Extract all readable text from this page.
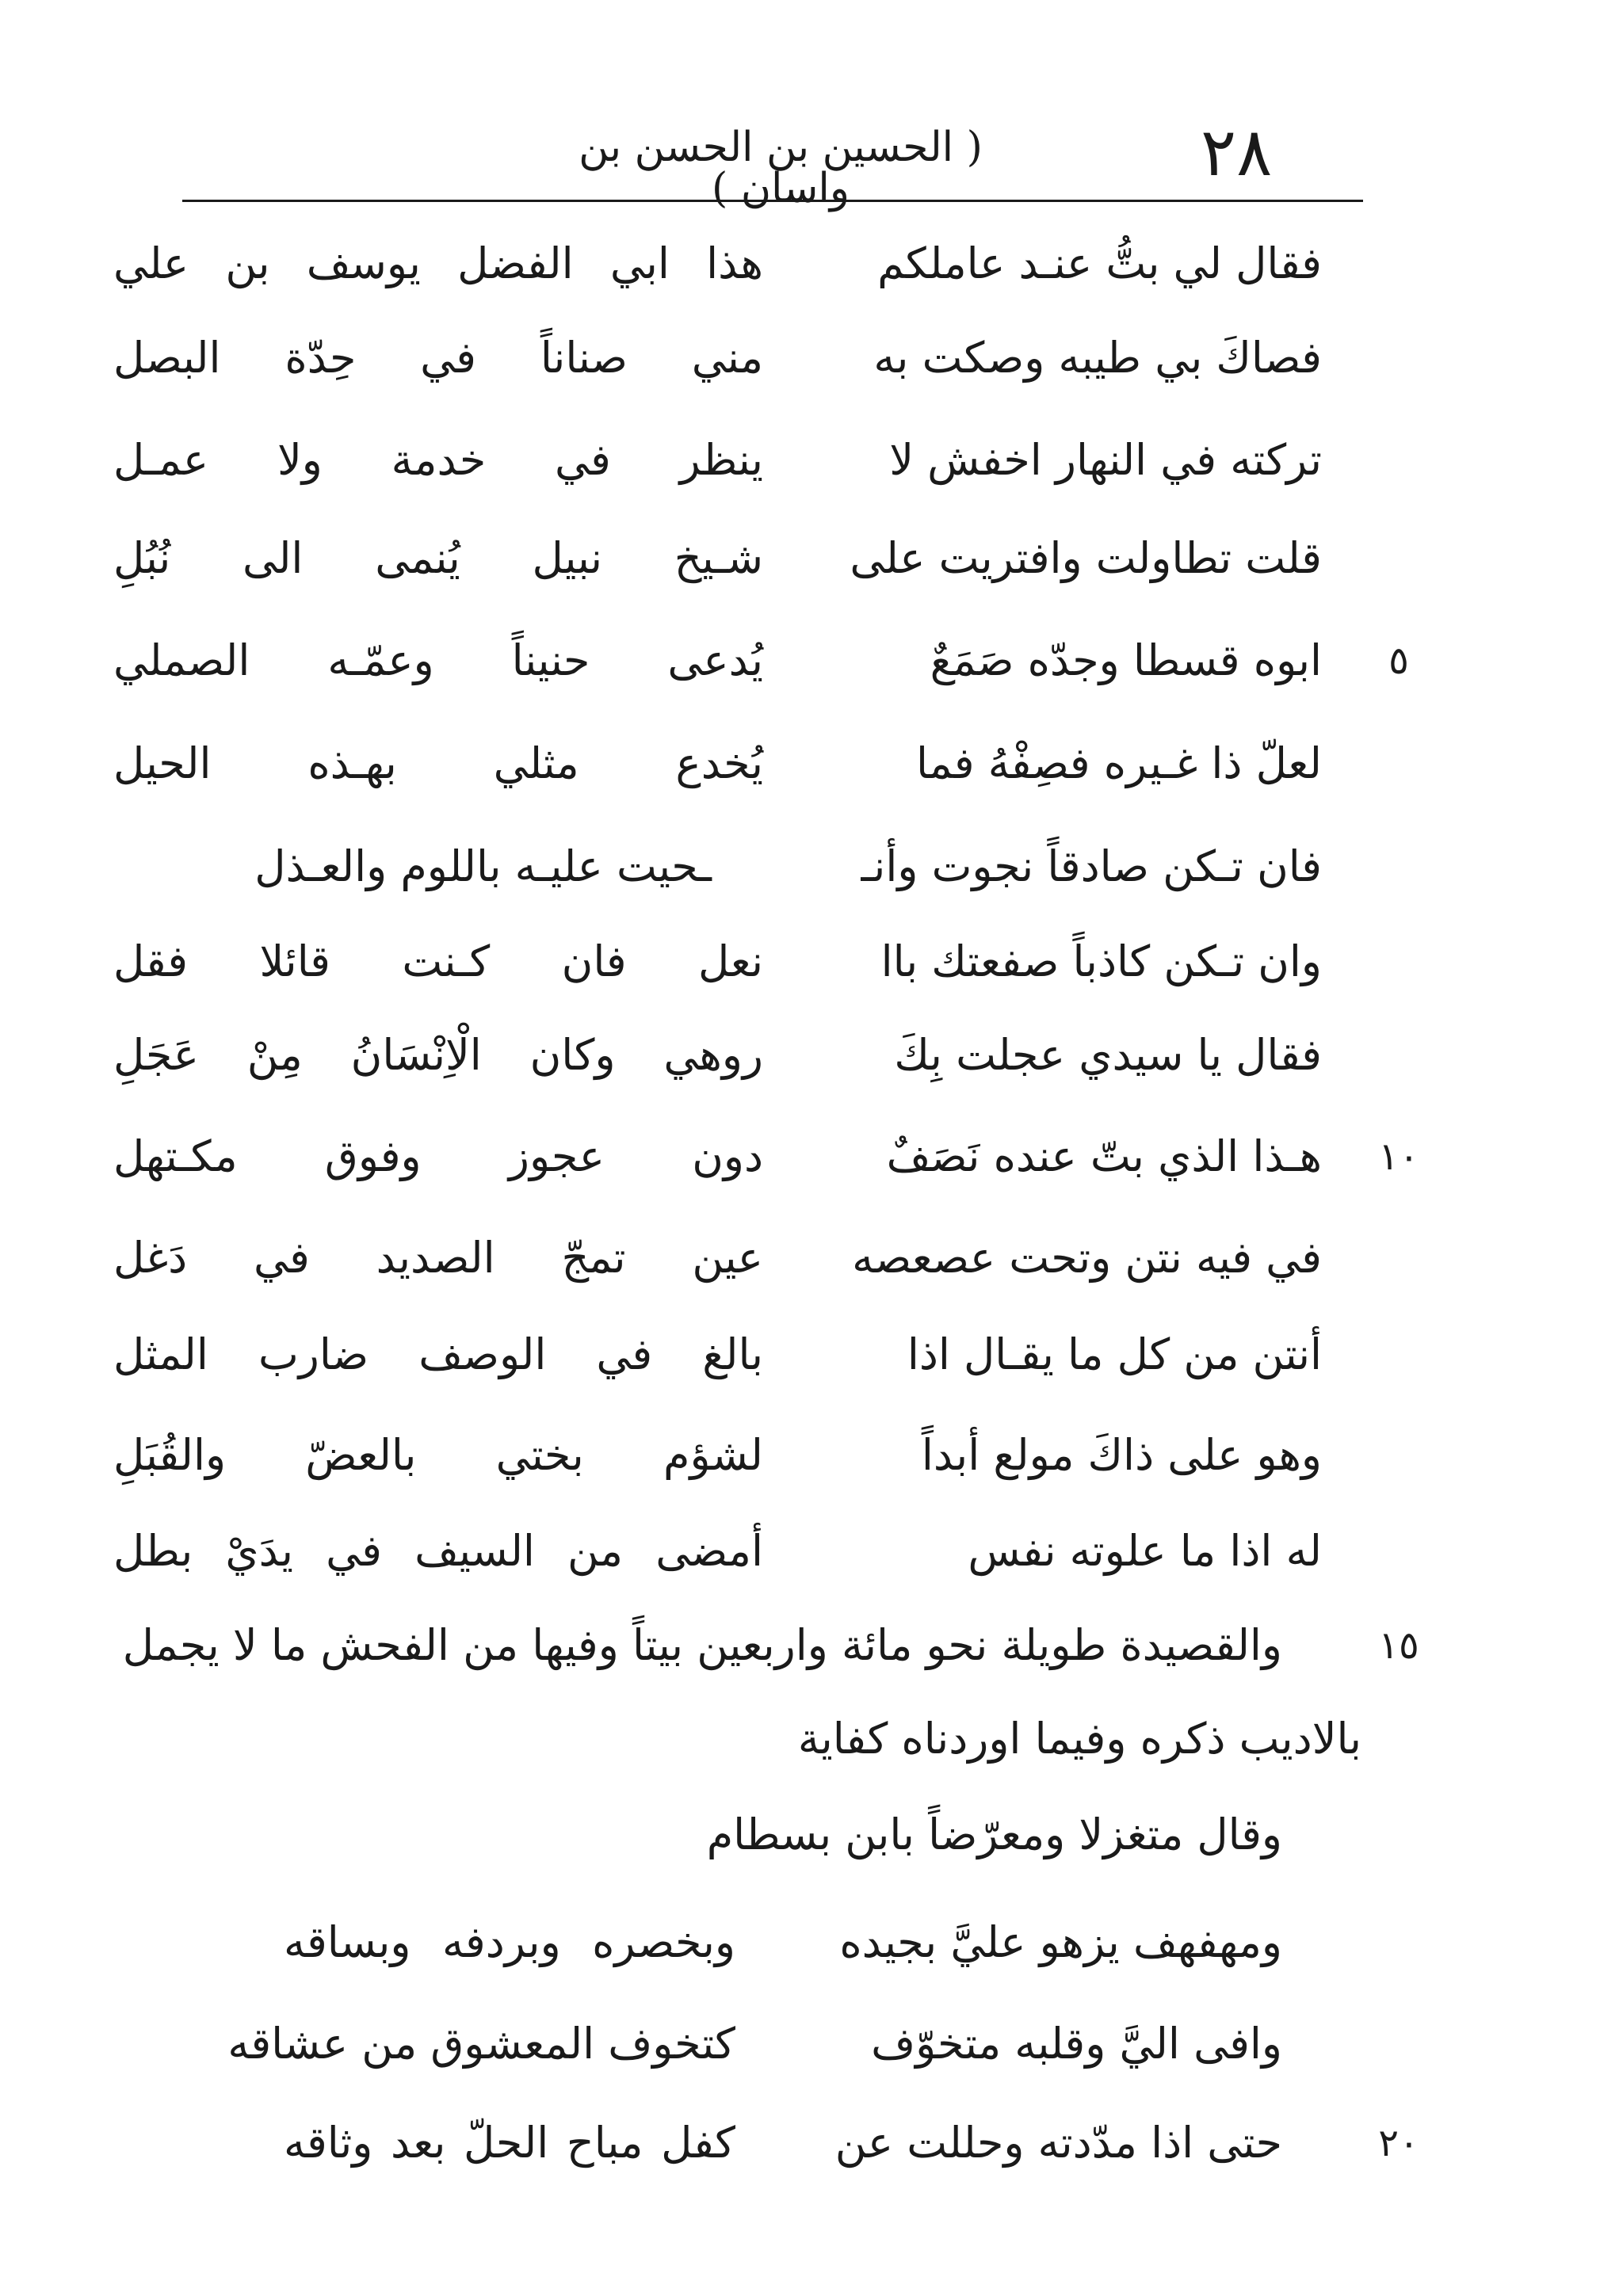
٢٨
( الحسين بن الحسن بن واسان )
فقال لي بتُّ عنـد عاملكم
هذا ابي الفضل يوسف بن علي
فصاكَ بي طيبه وصكت به
مني صناناً في حِدّة البصل
تركته في النهار اخفش لا
ينظر في خدمة ولا عمـل
قلت تطاولت وافتريت على
شـيخ نبيل يُنمى الى نُبُلِ
٥
ابوه قسطا وجدّه صَمَعٌ
يُدعى حنيناً وعمّـه الصملي
لعلّ ذا غـيره فصِفْهُ فما
يُخدع مثلي بهـذه الحيل
فان تـكن صادقاً نجوت وأنـ
ـحيت عليـه باللوم والعـذل
وان تـكن كاذباً صفعتك باا
نعل فان كـنت قائلا فقل
فقال يا سيدي عجلت بِكَ
روهي وكان الْاِنْسَانُ مِنْ عَجَلِ
١٠
هـذا الذي بتّ عنده نَصَفٌ
دون عجوز وفوق مكـتهل
في فيه نتن وتحت عصعصه
عين تمجّ الصديد في دَغل
أنتن من كل ما يقـال اذا
بالغ في الوصف ضارب المثل
وهو على ذاكَ مولع أبداً
لشؤم بختي بالعضّ والقُبَلِ
له اذا ما علوته نفس
أمضى من السيف في يدَيْ بطل
١٥
والقصيدة طويلة نحو مائة واربعين بيتاً وفيها من الفحش ما لا يجمل
بالاديب ذكره وفيما اوردناه كفاية
وقال متغزلا ومعرّضاً بابن بسطام
ومهفهف يزهو عليَّ بجيده
وبخصره وبردفه وبساقه
وافى اليَّ وقلبه متخوّف
كتخوف المعشوق من عشاقه
٢٠
حتى اذا مدّدته وحللت عن
كفل مباح الحلّ بعد وثاقه
